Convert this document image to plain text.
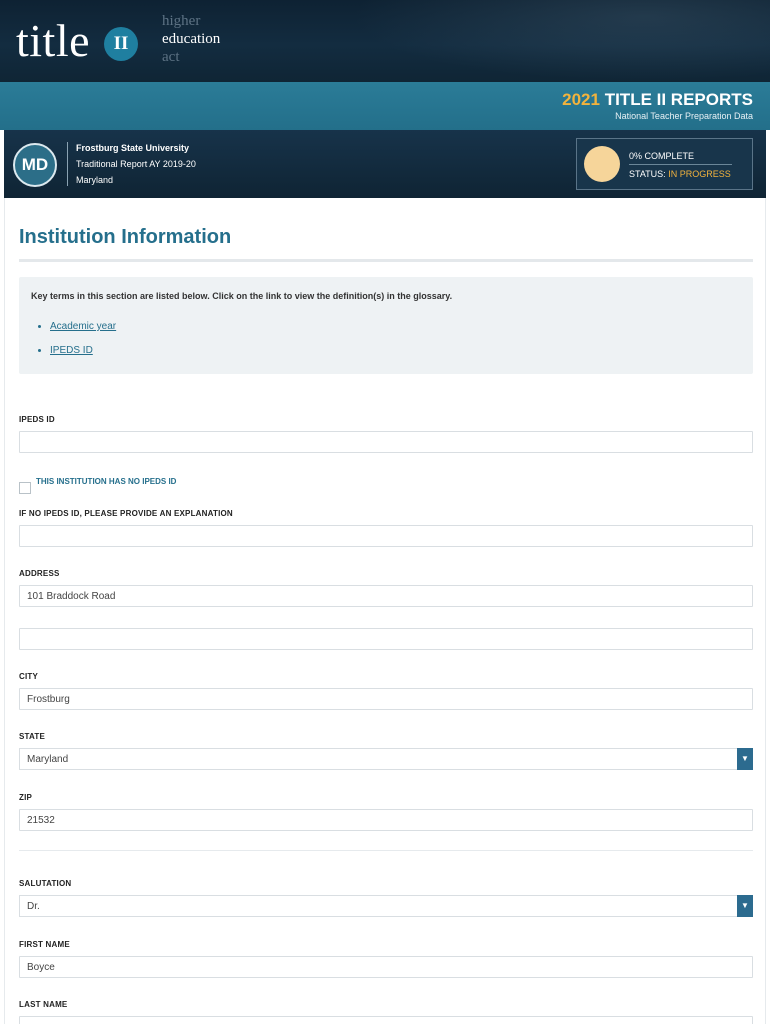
title	II
higher
education
act
2021 TITLE II REPORTS
National Teacher Preparation Data
MD
Frostburg State University
Traditional Report AY 2019-20
Maryland
0% COMPLETE
STATUS: IN PROGRESS
Institution Information
Key terms in this section are listed below. Click on the link to view the definition(s) in the glossary.
• Academic year
• IPEDS ID
IPEDS ID
THIS INSTITUTION HAS NO IPEDS ID
IF NO IPEDS ID, PLEASE PROVIDE AN EXPLANATION
ADDRESS
101 Braddock Road
CITY
Frostburg
STATE
Maryland	▼
ZIP
21532
SALUTATION
Dr.	▼
FIRST NAME
Boyce
LAST NAME
